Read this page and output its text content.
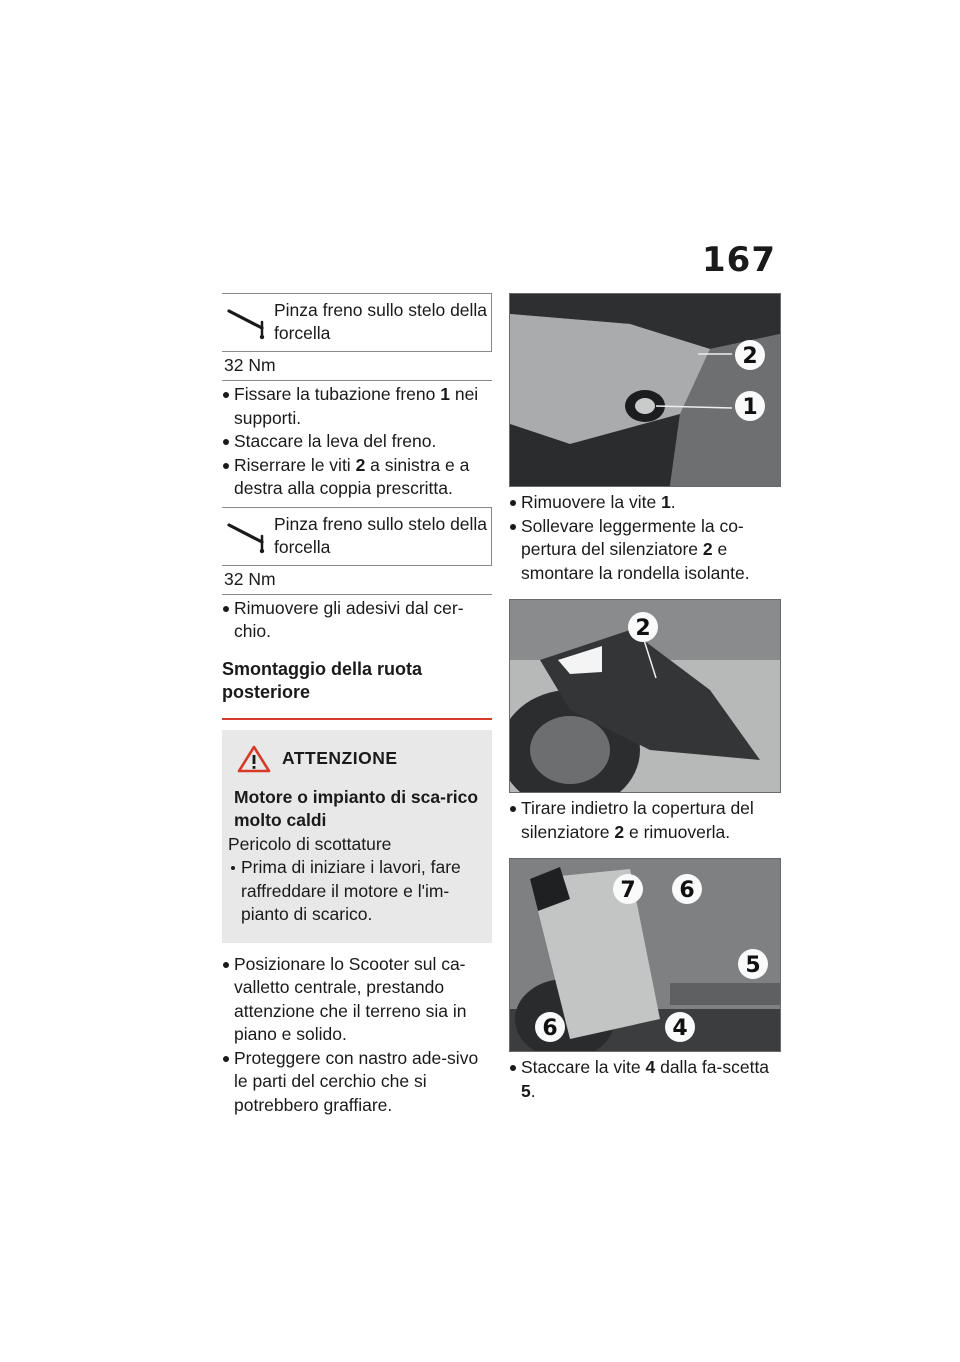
167
Pinza freno sullo stelo della forcella
32 Nm
Fissare la tubazione freno 1 nei supporti.
Staccare la leva del freno.
Riserrare le viti 2 a sinistra e a destra alla coppia prescritta.
Pinza freno sullo stelo della forcella
32 Nm
Rimuovere gli adesivi dal cer-chio.
Smontaggio della ruota posteriore
ATTENZIONE
Motore o impianto di sca-rico molto caldi
Pericolo di scottature
Prima di iniziare i lavori, fare raffreddare il motore e l'im-pianto di scarico.
Posizionare lo Scooter sul ca-valletto centrale, prestando attenzione che il terreno sia in piano e solido.
Proteggere con nastro ade-sivo le parti del cerchio che si potrebbero graffiare.
2
1
Rimuovere la vite 1.
Sollevare leggermente la co-pertura del silenziatore 2 e smontare la rondella isolante.
2
Tirare indietro la copertura del silenziatore 2 e rimuoverla.
7 6
5
6	4
Staccare la vite 4 dalla fa-scetta 5.
